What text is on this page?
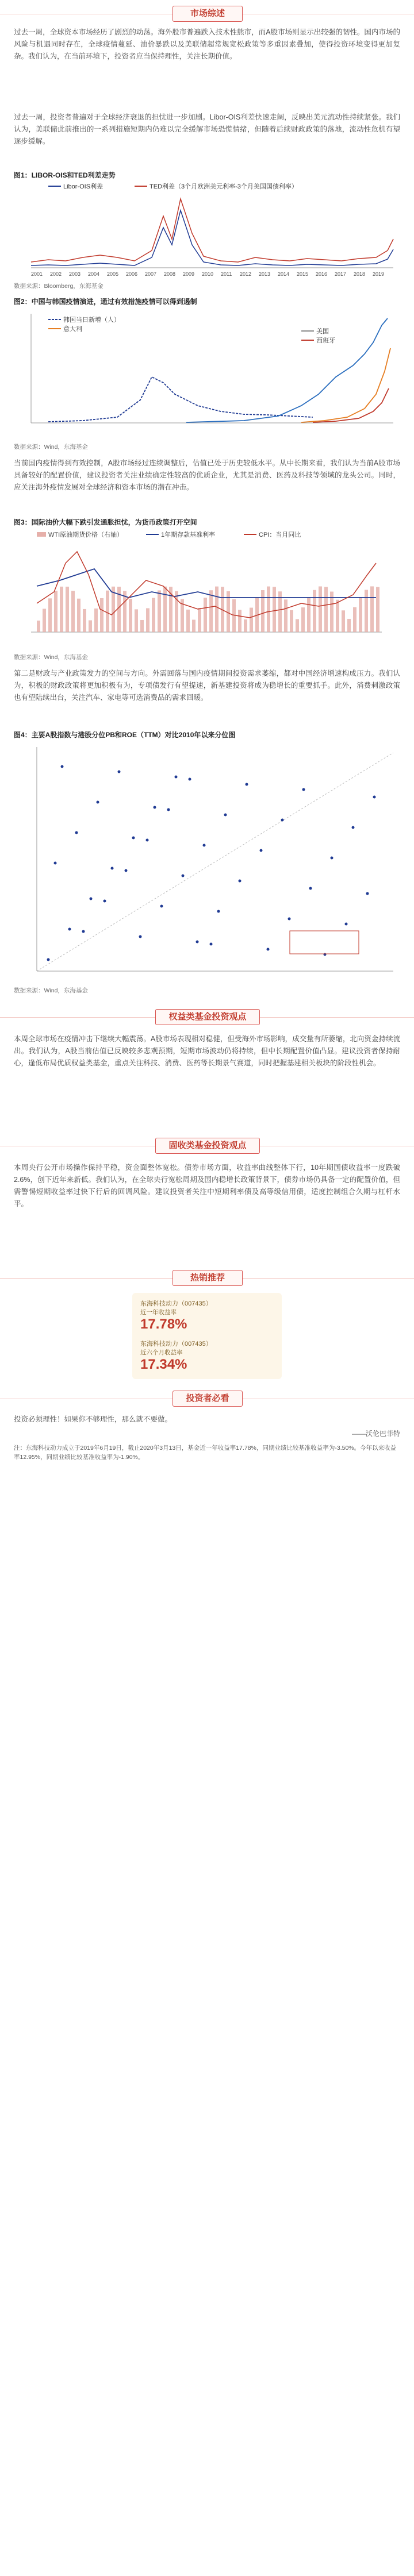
市场综述

过去一周，全球资本市场经历了剧烈的动荡。海外股市普遍跌入技术性熊市，而A股市场则显示出较强的韧性。国内市场的风险与机遇同时存在，全球疫情蔓延、油价暴跌以及美联储超常规宽松政策等多重因素叠加，使得投资环境变得更加复杂。我们认为，在当前环境下，投资者应当保持理性，关注长期价值。

过去一周，投资者普遍对于全球经济衰退的担忧进一步加剧。Libor-OIS利差快速走阔，反映出美元流动性持续紧张。我们认为，美联储此前推出的一系列措施短期内仍难以完全缓解市场恐慌情绪，但随着后续财政政策的落地，流动性危机有望逐步缓解。

图1：LIBOR-OIS和TED利差走势

Libor-OIS利差	TED利差（3个月欧洲美元利率-3个月美国国债利率）
2001 2002 2003 2004 2005 2006 2007 2008 2009 2010 2011 2012 2013 2014 2015 2016 2017 2018 2019

数据来源：Bloomberg，东海基金

图2：中国与韩国疫情演进，通过有效措施疫情可以得到遏制

韩国当日新增（人）
意大利	美国
西班牙

数据来源：Wind，东海基金

当前国内疫情得到有效控制，A股市场经过连续调整后，估值已处于历史较低水平。从中长期来看，我们认为当前A股市场具备较好的配置价值，建议投资者关注业绩确定性较高的优质企业，尤其是消费、医药及科技等领域的龙头公司。同时，应关注海外疫情发展对全球经济和资本市场的潜在冲击。

图3：国际油价大幅下跌引发通胀担忧，为货币政策打开空间

WTI原油期货价格（右轴）	1年期存款基准利率	CPI：当月同比

数据来源：Wind，东海基金

第二是财政与产业政策发力的空间与方向。外需回落与国内疫情期间投资需求萎缩，都对中国经济增速构成压力。我们认为，积极的财政政策将更加积极有为，专项债发行有望提速，新基建投资将成为稳增长的重要抓手。此外，消费刺激政策也有望陆续出台，关注汽车、家电等可选消费品的需求回暖。

图4：主要A股指数与港股分位PB和ROE（TTM）对比2010年以来分位图

数据来源：Wind，东海基金

权益类基金投资观点

本周全球市场在疫情冲击下继续大幅震荡。A股市场表现相对稳健，但受海外市场影响，成交量有所萎缩，北向资金持续流出。我们认为，A股当前估值已反映较多悲观预期，短期市场波动仍将持续，但中长期配置价值凸显。建议投资者保持耐心，逢低布局优质权益类基金，重点关注科技、消费、医药等长期景气赛道，同时把握基建相关板块的阶段性机会。

固收类基金投资观点

本周央行公开市场操作保持平稳，资金面整体宽松。债券市场方面，收益率曲线整体下行，10年期国债收益率一度跌破2.6%，创下近年来新低。我们认为，在全球央行宽松周期及国内稳增长政策背景下，债券市场仍具备一定的配置价值，但需警惕短期收益率过快下行后的回调风险。建议投资者关注中短期利率债及高等级信用债，适度控制组合久期与杠杆水平。

热销推荐
东海科技动力（007435）
近一年收益率
17.78%
东海科技动力（007435）
近六个月收益率
17.34%
投资者必看

投资必须理性！如果你不够理性，那么就不要做。

——沃伦巴菲特
注：东海科技动力成立于2019年6月19日，截止2020年3月13日，基金近一年收益率17.78%，同期业绩比较基准收益率为-3.50%。今年以来收益率12.95%，同期业绩比较基准收益率为-1.90%。
